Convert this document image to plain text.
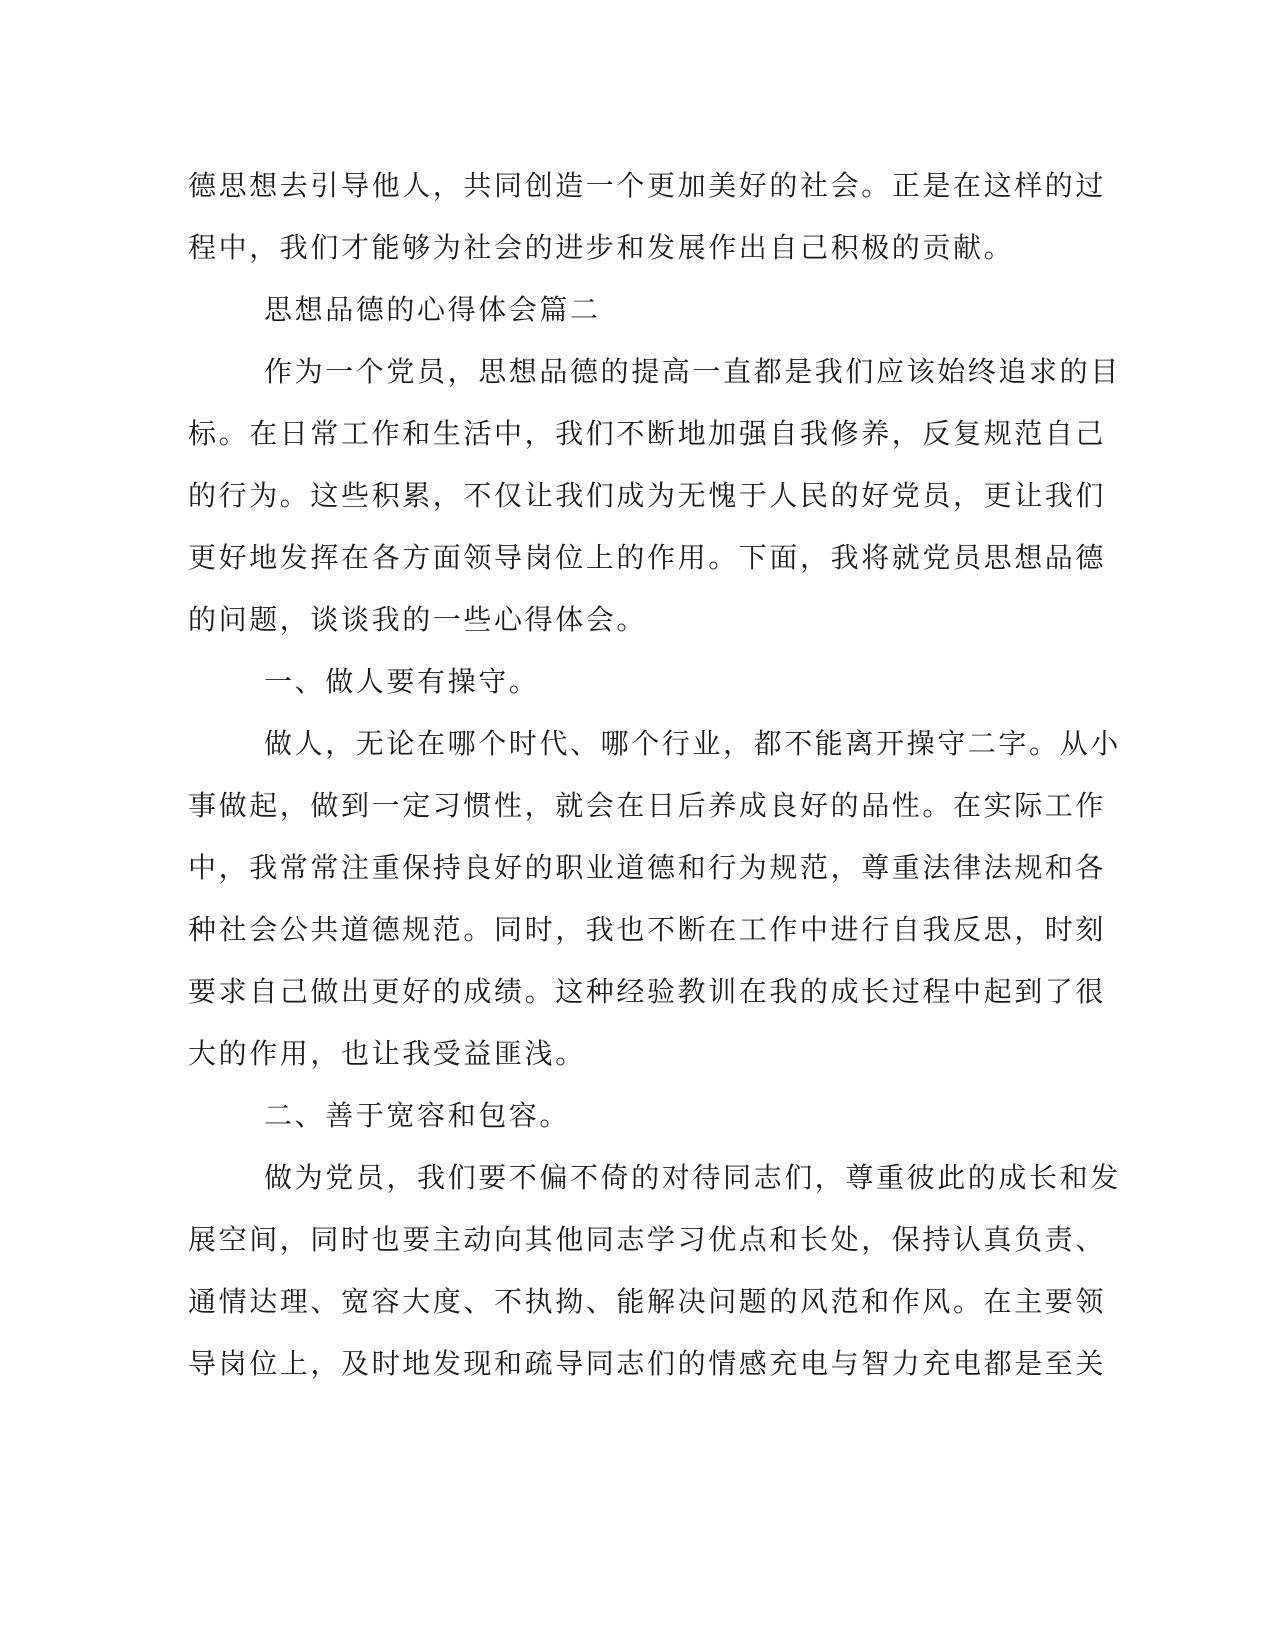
德思想去引导他人，共同创造一个更加美好的社会。正是在这样的过
程中，我们才能够为社会的进步和发展作出自己积极的贡献。
思想品德的心得体会篇二
作为一个党员，思想品德的提高一直都是我们应该始终追求的目
标。在日常工作和生活中，我们不断地加强自我修养，反复规范自己
的行为。这些积累，不仅让我们成为无愧于人民的好党员，更让我们
更好地发挥在各方面领导岗位上的作用。下面，我将就党员思想品德
的问题，谈谈我的一些心得体会。
一、做人要有操守。
做人，无论在哪个时代、哪个行业，都不能离开操守二字。从小
事做起，做到一定习惯性，就会在日后养成良好的品性。在实际工作
中，我常常注重保持良好的职业道德和行为规范，尊重法律法规和各
种社会公共道德规范。同时，我也不断在工作中进行自我反思，时刻
要求自己做出更好的成绩。这种经验教训在我的成长过程中起到了很
大的作用，也让我受益匪浅。
二、善于宽容和包容。
做为党员，我们要不偏不倚的对待同志们，尊重彼此的成长和发
展空间，同时也要主动向其他同志学习优点和长处，保持认真负责、
通情达理、宽容大度、不执拗、能解决问题的风范和作风。在主要领
导岗位上，及时地发现和疏导同志们的情感充电与智力充电都是至关
